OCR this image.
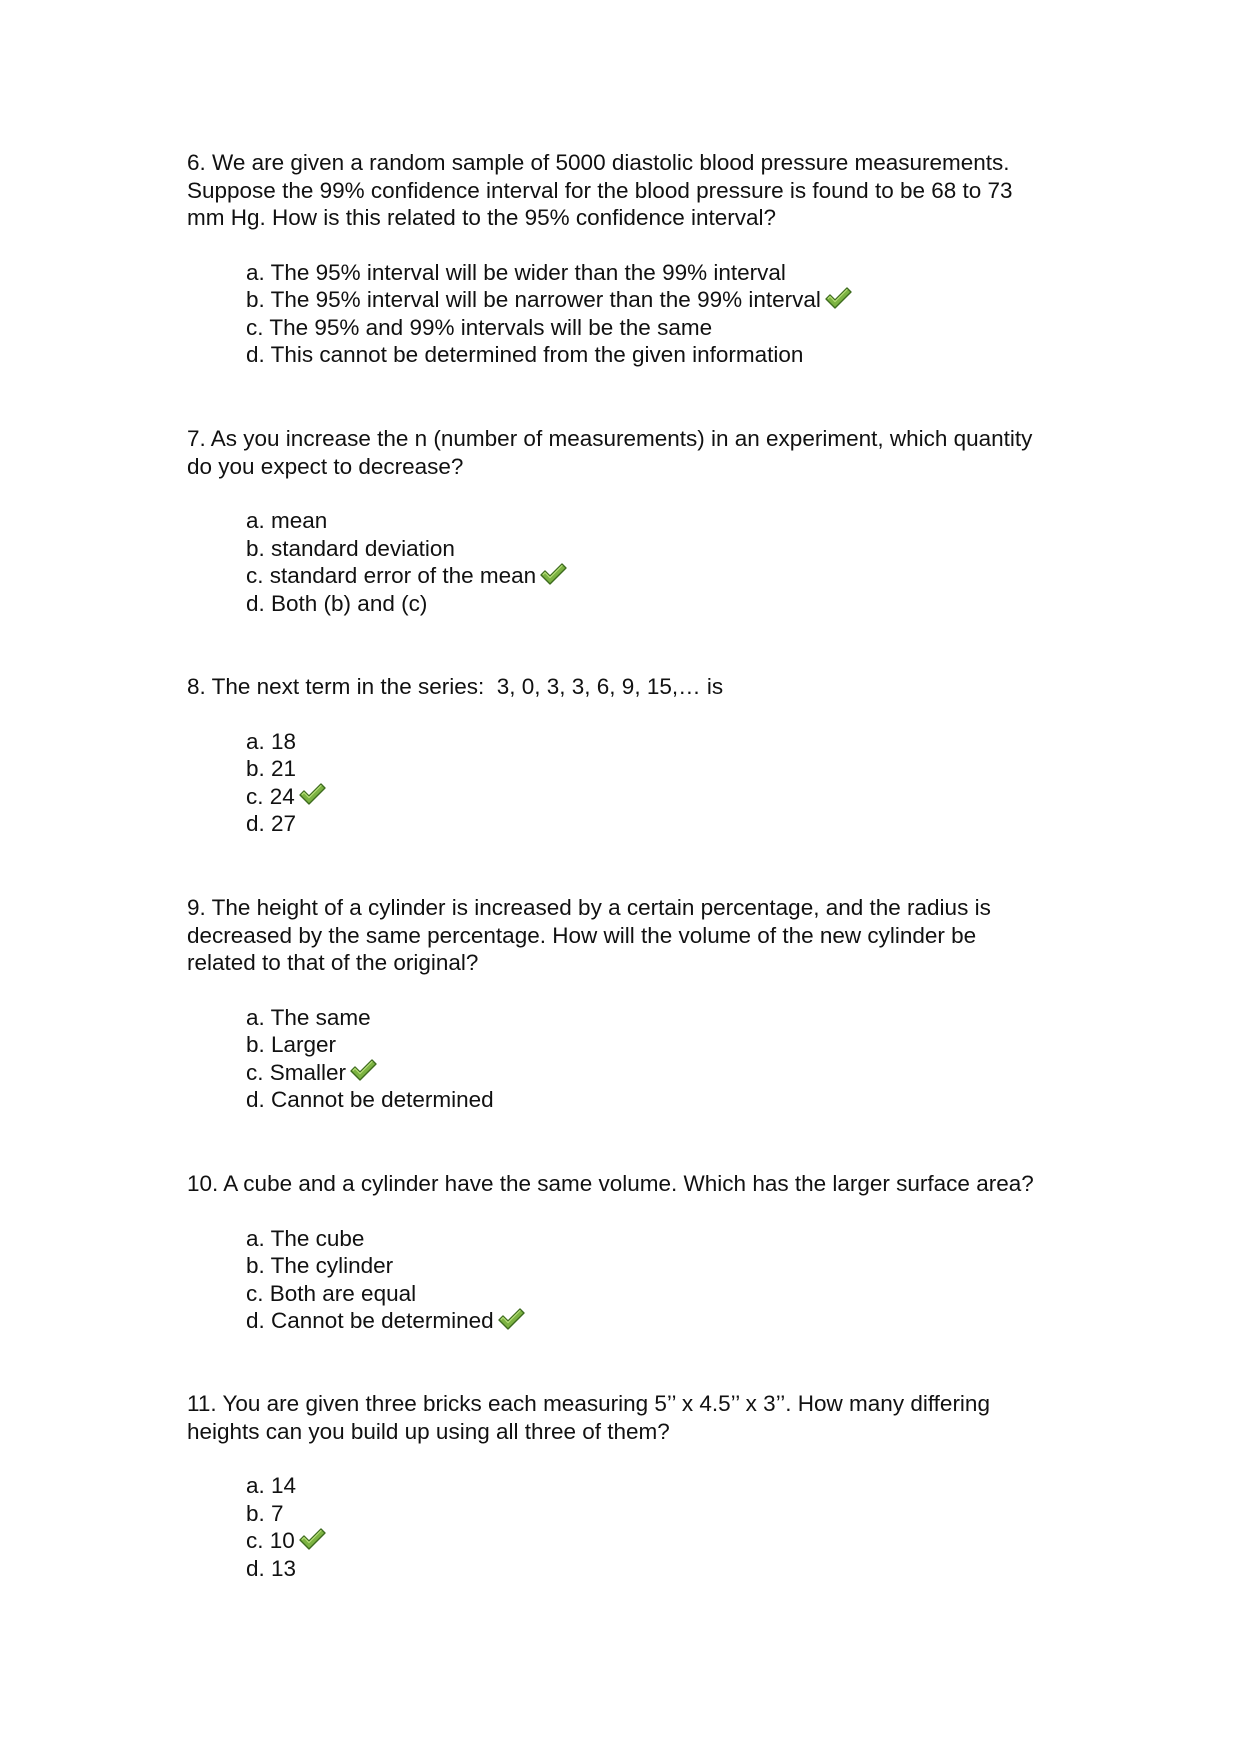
6. We are given a random sample of 5000 diastolic blood pressure measurements.
Suppose the 99% confidence interval for the blood pressure is found to be 68 to 73
mm Hg. How is this related to the 95% confidence interval?

a. The 95% interval will be wider than the 99% interval
b. The 95% interval will be narrower than the 99% interval
c. The 95% and 99% intervals will be the same
d. This cannot be determined from the given information

7. As you increase the n (number of measurements) in an experiment, which quantity
do you expect to decrease?

a. mean
b. standard deviation
c. standard error of the mean
d. Both (b) and (c)

8. The next term in the series:  3, 0, 3, 3, 6, 9, 15,… is

a. 18
b. 21
c. 24
d. 27

9. The height of a cylinder is increased by a certain percentage, and the radius is
decreased by the same percentage. How will the volume of the new cylinder be
related to that of the original?

a. The same
b. Larger
c. Smaller
d. Cannot be determined

10. A cube and a cylinder have the same volume. Which has the larger surface area?

a. The cube
b. The cylinder
c. Both are equal
d. Cannot be determined

11. You are given three bricks each measuring 5’’ x 4.5’’ x 3’’. How many differing
heights can you build up using all three of them?

a. 14
b. 7
c. 10
d. 13
